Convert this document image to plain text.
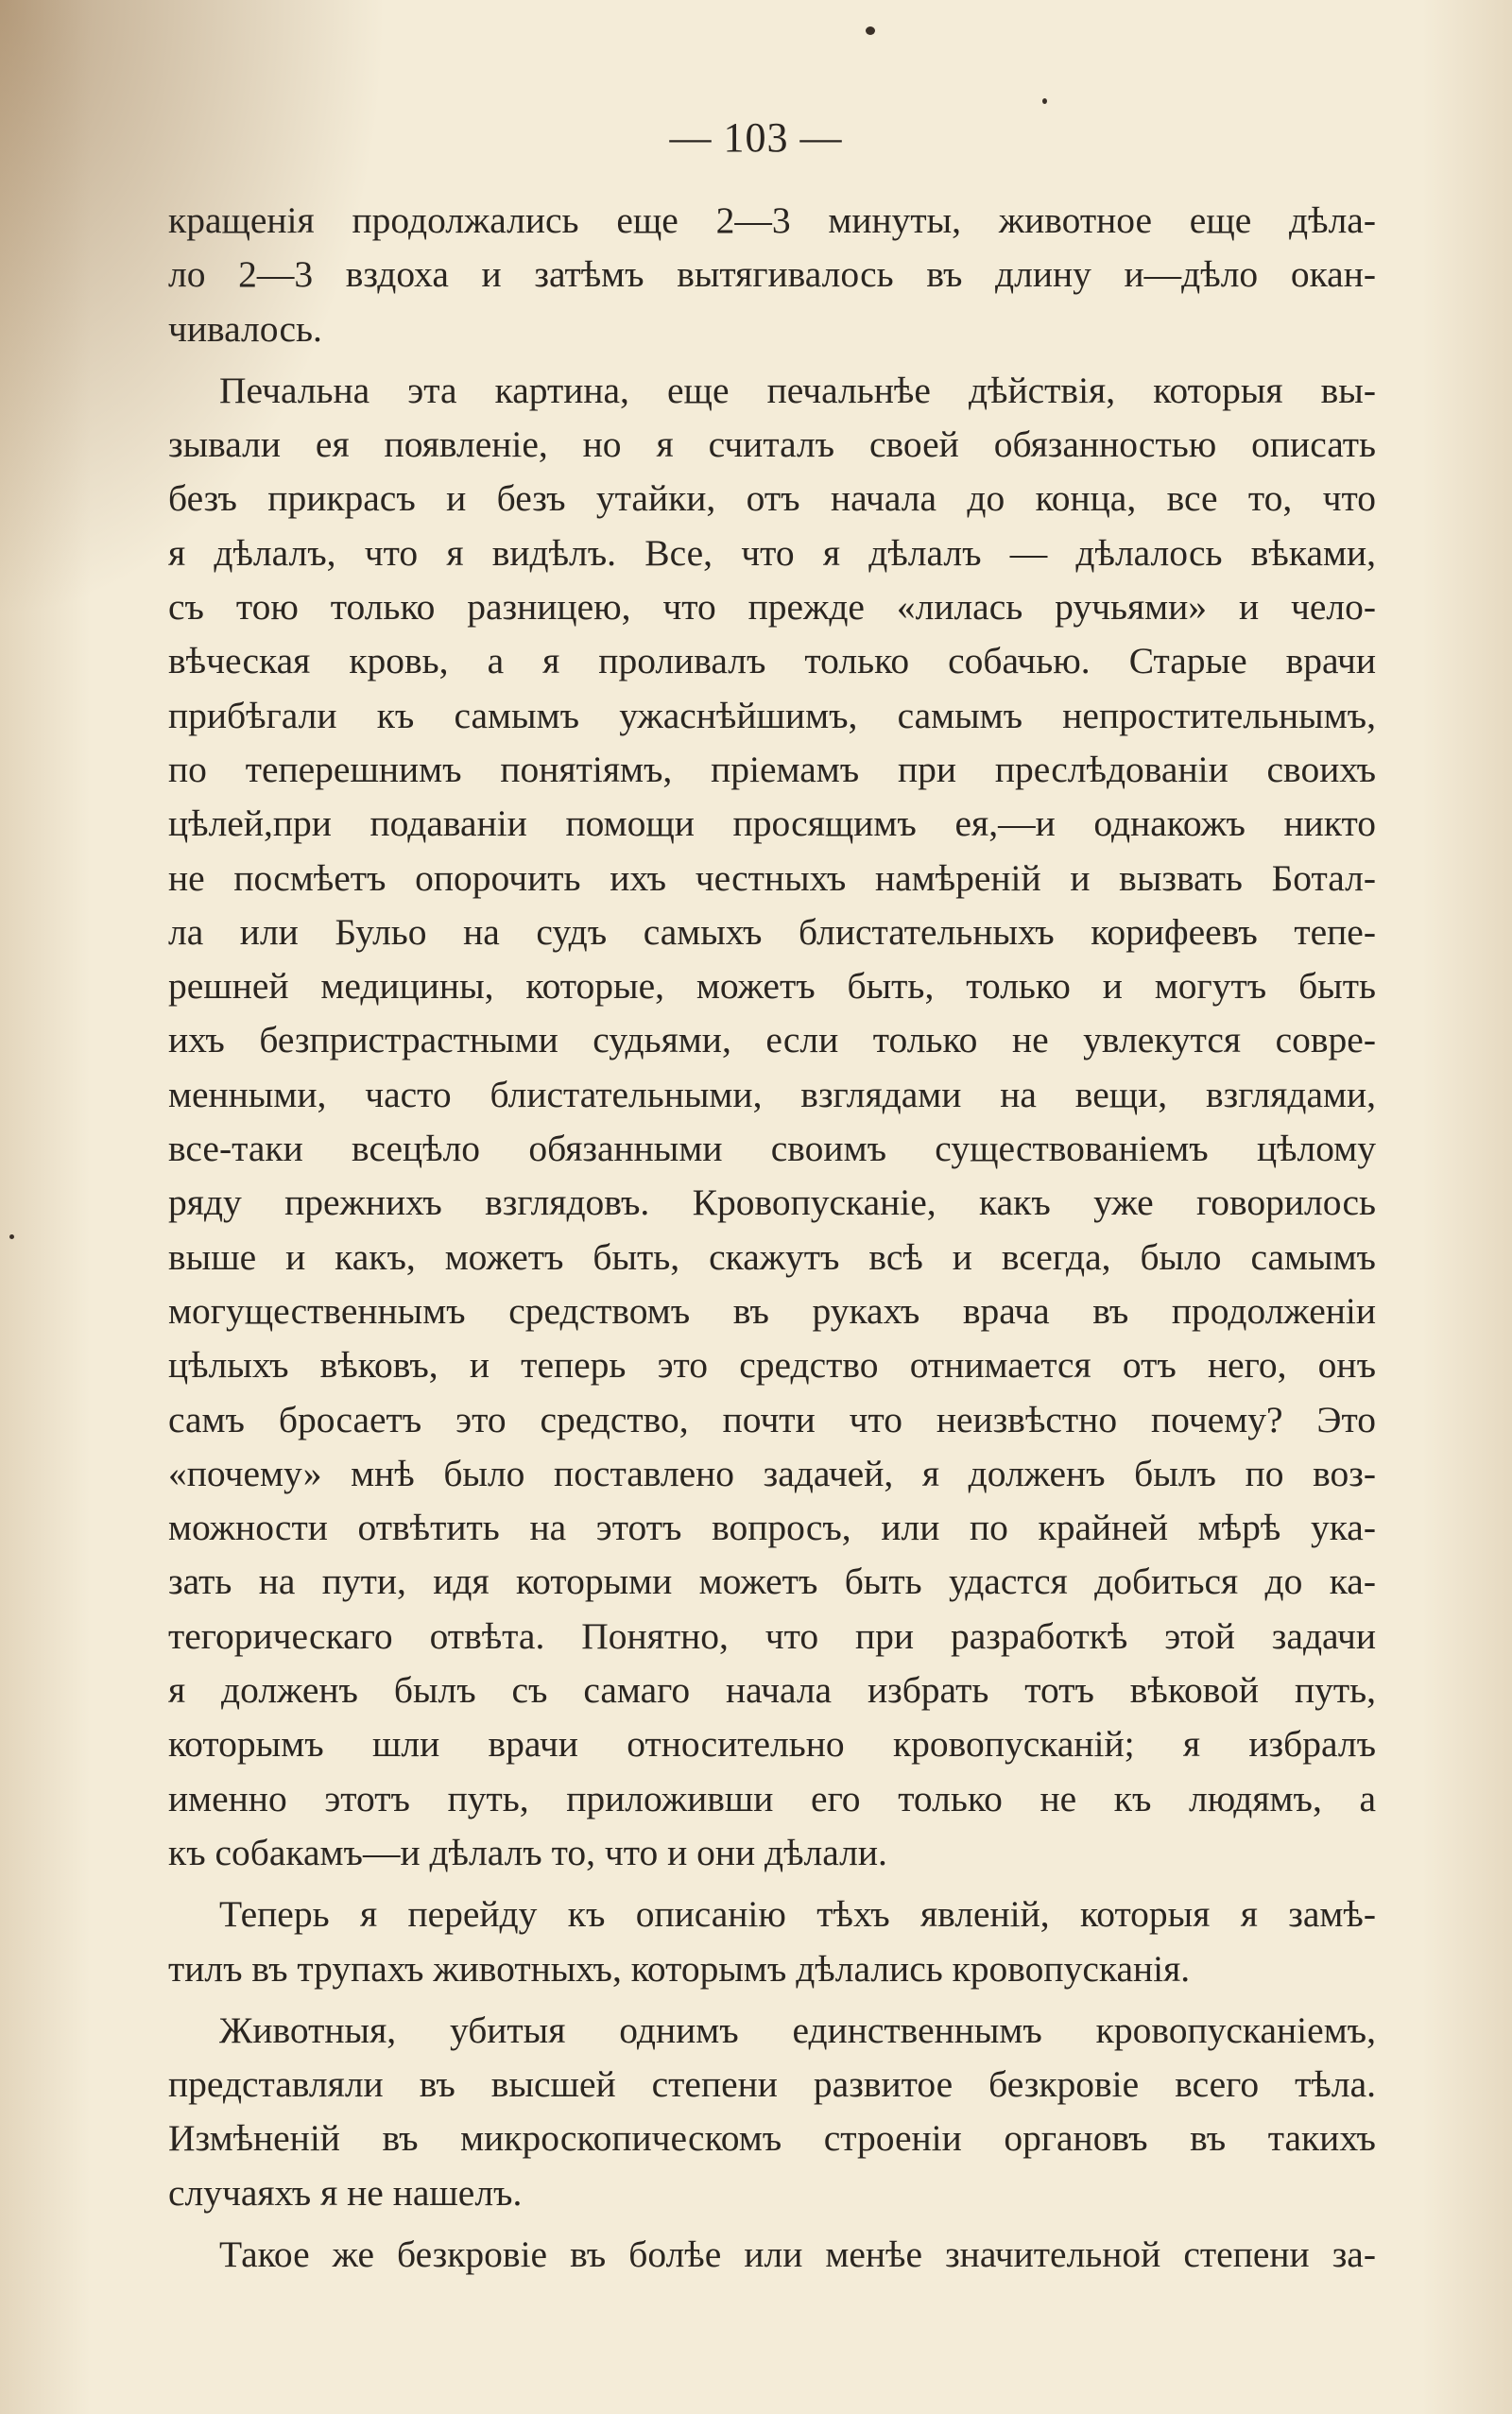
— 103 —
кращенія продолжались еще 2—3 минуты, животное еще дѣла-
ло 2—3 вздоха и затѣмъ вытягивалось въ длину и—дѣло окан-
чивалось.
Печальна эта картина, еще печальнѣе дѣйствія, которыя вы-
зывали ея появленіе, но я считалъ своей обязанностью описать
безъ прикрасъ и безъ утайки, отъ начала до конца, все то, что
я дѣлалъ, что я видѣлъ. Все, что я дѣлалъ — дѣлалось вѣками,
съ тою только разницею, что прежде «лилась ручьями» и чело-
вѣческая кровь, а я проливалъ только собачью. Старые врачи
прибѣгали къ самымъ ужаснѣйшимъ, самымъ непростительнымъ,
по теперешнимъ понятіямъ, пріемамъ при преслѣдованіи своихъ
цѣлей,при подаваніи помощи просящимъ ея,—и однакожъ никто
не посмѣетъ опорочить ихъ честныхъ намѣреній и вызвать Ботал-
ла или Бульо на судъ самыхъ блистательныхъ корифеевъ тепе-
решней медицины, которые, можетъ быть, только и могутъ быть
ихъ безпристрастными судьями, если только не увлекутся совре-
менными, часто блистательными, взглядами на вещи, взглядами,
все-таки всецѣло обязанными своимъ существованіемъ цѣлому
ряду прежнихъ взглядовъ. Кровопусканіе, какъ уже говорилось
выше и какъ, можетъ быть, скажутъ всѣ и всегда, было самымъ
могущественнымъ средствомъ въ рукахъ врача въ продолженіи
цѣлыхъ вѣковъ, и теперь это средство отнимается отъ него, онъ
самъ бросаетъ это средство, почти что неизвѣстно почему? Это
«почему» мнѣ было поставлено задачей, я долженъ былъ по воз-
можности отвѣтить на этотъ вопросъ, или по крайней мѣрѣ ука-
зать на пути, идя которыми можетъ быть удастся добиться до ка-
тегорическаго отвѣта. Понятно, что при разработкѣ этой задачи
я долженъ былъ съ самаго начала избрать тотъ вѣковой путь,
которымъ шли врачи относительно кровопусканій; я избралъ
именно этотъ путь, приложивши его только не къ людямъ, а
къ собакамъ—и дѣлалъ то, что и они дѣлали.
Теперь я перейду къ описанію тѣхъ явленій, которыя я замѣ-
тилъ въ трупахъ животныхъ, которымъ дѣлались кровопусканія.
Животныя, убитыя однимъ единственнымъ кровопусканіемъ,
представляли въ высшей степени развитое безкровіе всего тѣла.
Измѣненій въ микроскопическомъ строеніи органовъ въ такихъ
случаяхъ я не нашелъ.
Такое же безкровіе въ болѣе или менѣе значительной степени за-
